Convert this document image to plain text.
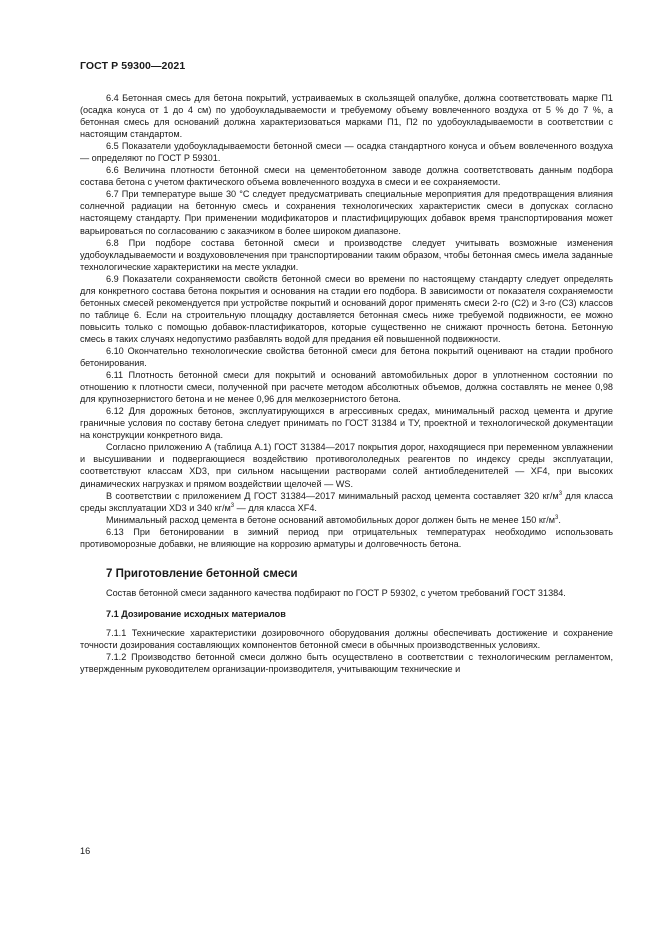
ГОСТ Р 59300—2021

6.4 Бетонная смесь для бетона покрытий, устраиваемых в скользящей опалубке, должна соответствовать марке П1 (осадка конуса от 1 до 4 см) по удобоукладываемости и требуемому объему вовлеченного воздуха от 5 % до 7 %, а бетонная смесь для оснований должна характеризоваться марками П1, П2 по удобоукладываемости в соответствии с настоящим стандартом.

6.5 Показатели удобоукладываемости бетонной смеси — осадка стандартного конуса и объем вовлеченного воздуха — определяют по ГОСТ Р 59301.

6.6 Величина плотности бетонной смеси на цементобетонном заводе должна соответствовать данным подбора состава бетона с учетом фактического объема вовлеченного воздуха в смеси и ее сохраняемости.

6.7 При температуре выше 30 °С следует предусматривать специальные мероприятия для предотвращения влияния солнечной радиации на бетонную смесь и сохранения технологических характеристик смеси в допусках согласно настоящему стандарту. При применении модификаторов и пластифицирующих добавок время транспортирования может варьироваться по согласованию с заказчиком в более широком диапазоне.

6.8 При подборе состава бетонной смеси и производстве следует учитывать возможные изменения удобоукладываемости и воздухововлечения при транспортировании таким образом, чтобы бетонная смесь имела заданные технологические характеристики на месте укладки.

6.9 Показатели сохраняемости свойств бетонной смеси во времени по настоящему стандарту следует определять для конкретного состава бетона покрытия и основания на стадии его подбора. В зависимости от показателя сохраняемости бетонных смесей рекомендуется при устройстве покрытий и оснований дорог применять смеси 2-го (С2) и 3-го (С3) классов по таблице 6. Если на строительную площадку доставляется бетонная смесь ниже требуемой подвижности, ее можно повысить только с помощью добавок-пластификаторов, которые существенно не снижают прочность бетона. Бетонную смесь в таких случаях недопустимо разбавлять водой для предания ей повышенной подвижности.

6.10 Окончательно технологические свойства бетонной смеси для бетона покрытий оценивают на стадии пробного бетонирования.

6.11 Плотность бетонной смеси для покрытий и оснований автомобильных дорог в уплотненном состоянии по отношению к плотности смеси, полученной при расчете методом абсолютных объемов, должна составлять не менее 0,98 для крупнозернистого бетона и не менее 0,96 для мелкозернистого бетона.

6.12 Для дорожных бетонов, эксплуатирующихся в агрессивных средах, минимальный расход цемента и другие граничные условия по составу бетона следует принимать по ГОСТ 31384 и ТУ, проектной и технологической документации на конструкции конкретного вида.

Согласно приложению А (таблица А.1) ГОСТ 31384—2017 покрытия дорог, находящиеся при переменном увлажнении и высушивании и подвергающиеся воздействию противогололедных реагентов по индексу среды эксплуатации, соответствуют классам XD3, при сильном насыщении растворами солей антиобледенителей — XF4, при высоких динамических нагрузках и прямом воздействии щелочей — WS.

В соответствии с приложением Д ГОСТ 31384—2017 минимальный расход цемента составляет 320 $кг/м^3$ для класса среды эксплуатации XD3 и 340 $кг/м^3$ — для класса XF4.

Минимальный расход цемента в бетоне оснований автомобильных дорог должен быть не менее 150 $кг/м^3$.

6.13 При бетонировании в зимний период при отрицательных температурах необходимо использовать противоморозные добавки, не влияющие на коррозию арматуры и долговечность бетона.

7 Приготовление бетонной смеси

Состав бетонной смеси заданного качества подбирают по ГОСТ Р 59302, с учетом требований ГОСТ 31384.

7.1 Дозирование исходных материалов

7.1.1 Технические характеристики дозировочного оборудования должны обеспечивать достижение и сохранение точности дозирования составляющих компонентов бетонной смеси в обычных производственных условиях.

7.1.2 Производство бетонной смеси должно быть осуществлено в соответствии с технологическим регламентом, утвержденным руководителем организации-производителя, учитывающим технические и

16
